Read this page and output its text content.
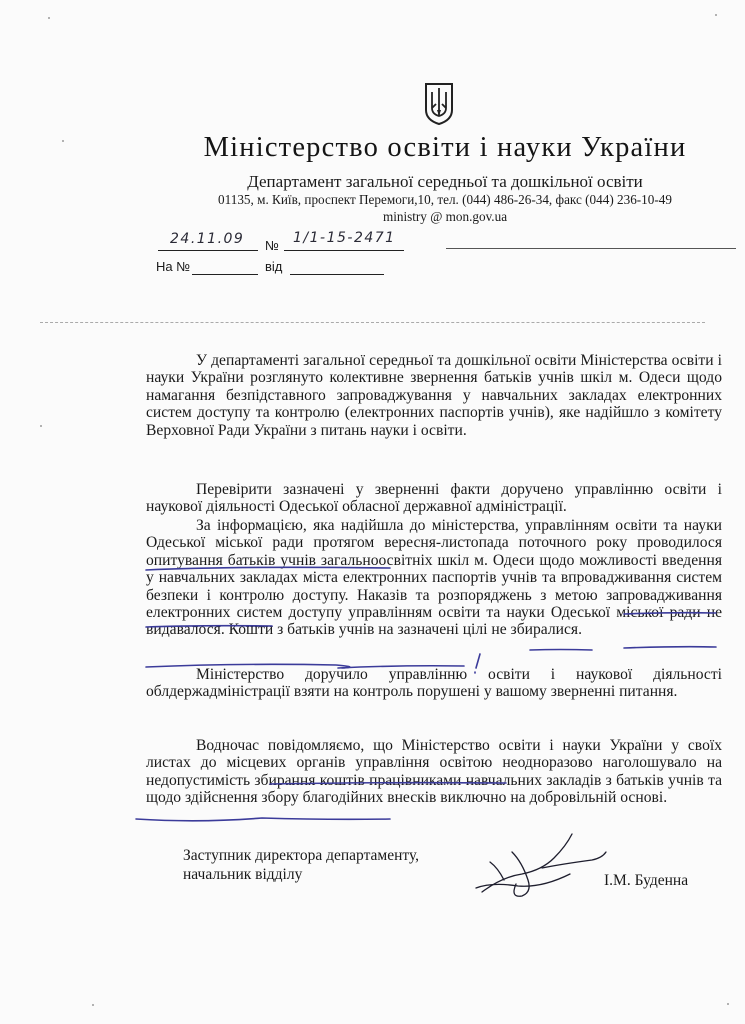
Міністерство освіти і науки України
Департамент загальної середньої та дошкільної освіти
01135, м. Київ, проспект Перемоги,10, тел. (044) 486-26-34, факс (044) 236-10-49
ministry @ mon.gov.ua
24.11.09 № 1/1-15-2471
На №	від

У департаменті загальної середньої та дошкільної освіти Міністерства освіти і науки України розглянуто колективне звернення батьків учнів шкіл м. Одеси щодо намагання безпідставного запроваджування у навчальних закладах електронних систем доступу та контролю (електронних паспортів учнів), яке надійшло з комітету Верховної Ради України з питань науки і освіти.

Перевірити зазначені у зверненні факти доручено управлінню освіти і наукової діяльності Одеської обласної державної адміністрації.

За інформацією, яка надійшла до міністерства, управлінням освіти та науки Одеської міської ради протягом вересня-листопада поточного року проводилося опитування батьків учнів загальноосвітніх шкіл м. Одеси щодо можливості введення у навчальних закладах міста електронних паспортів учнів та впровадживання систем безпеки і контролю доступу. Наказів та розпоряджень з метою запровадживання електронних систем доступу управлінням освіти та науки Одеської міської ради не видавалося. Кошти з батьків учнів на зазначені цілі не збиралися.

Міністерство доручило управлінню освіти і наукової діяльності облдержадміністрації взяти на контроль порушені у вашому зверненні питання.

Водночас повідомляємо, що Міністерство освіти і науки України у своїх листах до місцевих органів управління освітою неодноразово наголошувало на недопустимість збирання коштів працівниками навчальних закладів з батьків учнів та щодо здійснення збору благодійних внесків виключно на добровільній основі.

Заступник директора департаменту,
начальник відділу	І.М. Буденна
